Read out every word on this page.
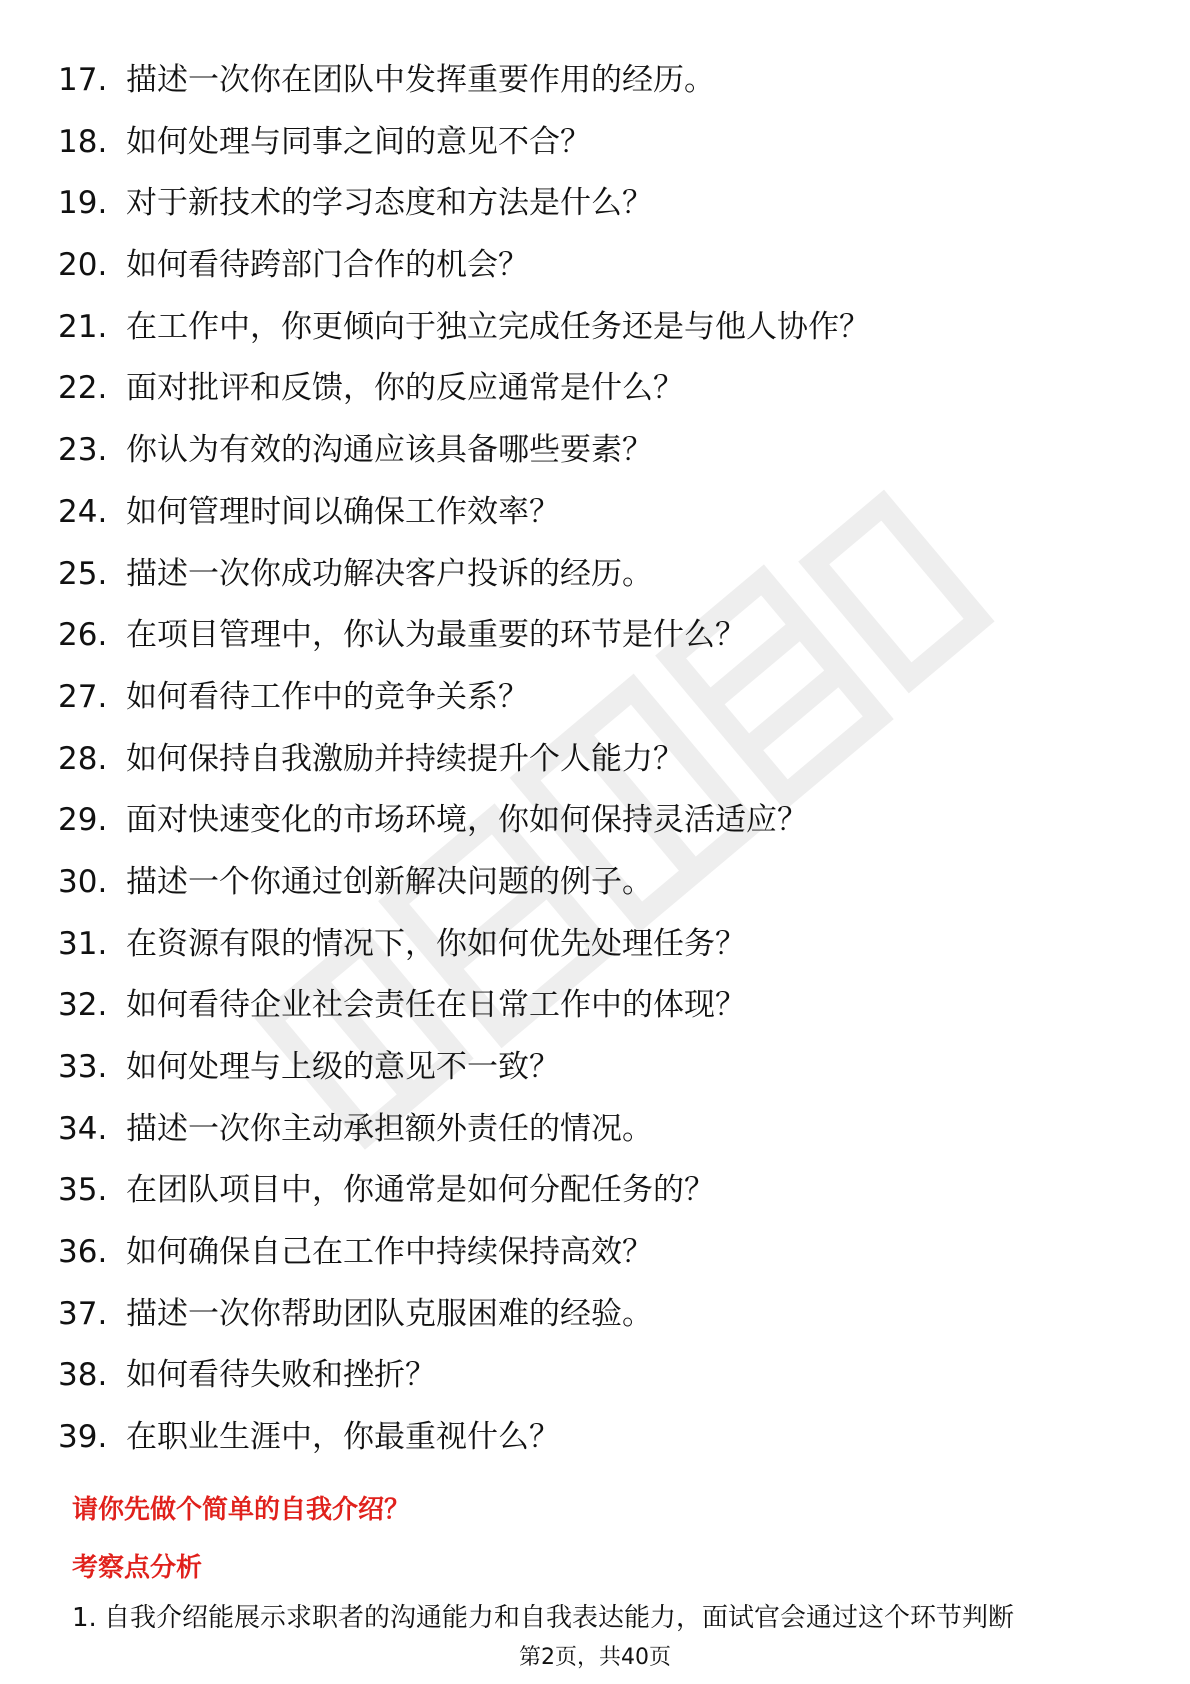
17. 描述一次你在团队中发挥重要作用的经历。
18. 如何处理与同事之间的意见不合？
19. 对于新技术的学习态度和方法是什么？
20. 如何看待跨部门合作的机会？
21. 在工作中，你更倾向于独立完成任务还是与他人协作？
22. 面对批评和反馈，你的反应通常是什么？
23. 你认为有效的沟通应该具备哪些要素？
24. 如何管理时间以确保工作效率？
25. 描述一次你成功解决客户投诉的经历。
26. 在项目管理中，你认为最重要的环节是什么？
27. 如何看待工作中的竞争关系？
28. 如何保持自我激励并持续提升个人能力？
29. 面对快速变化的市场环境，你如何保持灵活适应？
30. 描述一个你通过创新解决问题的例子。
31. 在资源有限的情况下，你如何优先处理任务？
32. 如何看待企业社会责任在日常工作中的体现？
33. 如何处理与上级的意见不一致？
34. 描述一次你主动承担额外责任的情况。
35. 在团队项目中，你通常是如何分配任务的？
36. 如何确保自己在工作中持续保持高效？
37. 描述一次你帮助团队克服困难的经验。
38. 如何看待失败和挫折？
39. 在职业生涯中，你最重视什么？
请你先做个简单的自我介绍？
考察点分析
1. 自我介绍能展示求职者的沟通能力和自我表达能力，面试官会通过这个环节判断
第2页，共40页
